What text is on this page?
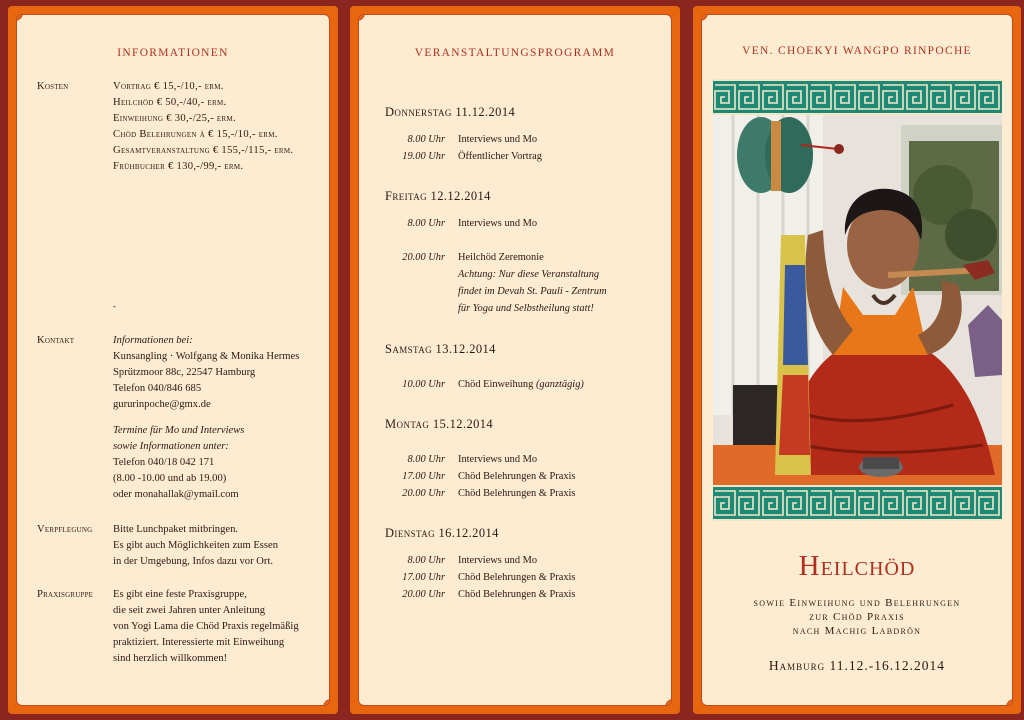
INFORMATIONEN
Kosten	Vortrag € 15,-/10,- erm.
Heilchöd € 50,-/40,- erm.
Einweihung € 30,-/25,- erm.
Chöd Belehrungen à € 15,-/10,- erm.
Gesamtveranstaltung € 155,-/115,- erm.
Frühbucher € 130,-/99,- erm.
-
Kontakt	Informationen bei:
Kunsangling · Wolfgang & Monika Hermes
Sprützmoor 88c, 22547 Hamburg
Telefon 040/846 685
gururinpoche@gmx.de
Termine für Mo und Interviews
sowie Informationen unter:
Telefon 040/18 042 171
(8.00 -10.00 und ab 19.00)
oder monahallak@ymail.com
Verpflegung Bitte Lunchpaket mitbringen.
Es gibt auch Möglichkeiten zum Essen
in der Umgebung, Infos dazu vor Ort.
Praxisgruppe Es gibt eine feste Praxisgruppe,
die seit zwei Jahren unter Anleitung
von Yogi Lama die Chöd Praxis regelmäßig
praktiziert. Interessierte mit Einweihung
sind herzlich willkommen!
VERANSTALTUNGSPROGRAMM
Donnerstag 11.12.2014
8.00 Uhr Interviews und Mo
19.00 Uhr Öffentlicher Vortrag
Freitag 12.12.2014
8.00 Uhr Interviews und Mo
20.00 Uhr Heilchöd Zeremonie
Achtung: Nur diese Veranstaltung
findet im Devah St. Pauli - Zentrum
für Yoga und Selbstheilung statt!
Samstag 13.12.2014
10.00 Uhr Chöd Einweihung (ganztägig)
Montag 15.12.2014
8.00 Uhr Interviews und Mo
17.00 Uhr Chöd Belehrungen & Praxis
20.00 Uhr Chöd Belehrungen & Praxis
Dienstag 16.12.2014
8.00 Uhr Interviews und Mo
17.00 Uhr Chöd Belehrungen & Praxis
20.00 Uhr Chöd Belehrungen & Praxis
VEN. CHOEKYI WANGPO RINPOCHE
Heilchöd
sowie Einweihung und Belehrungen
zur Chöd Praxis
nach Machig Labdrön
Hamburg 11.12.-16.12.2014
